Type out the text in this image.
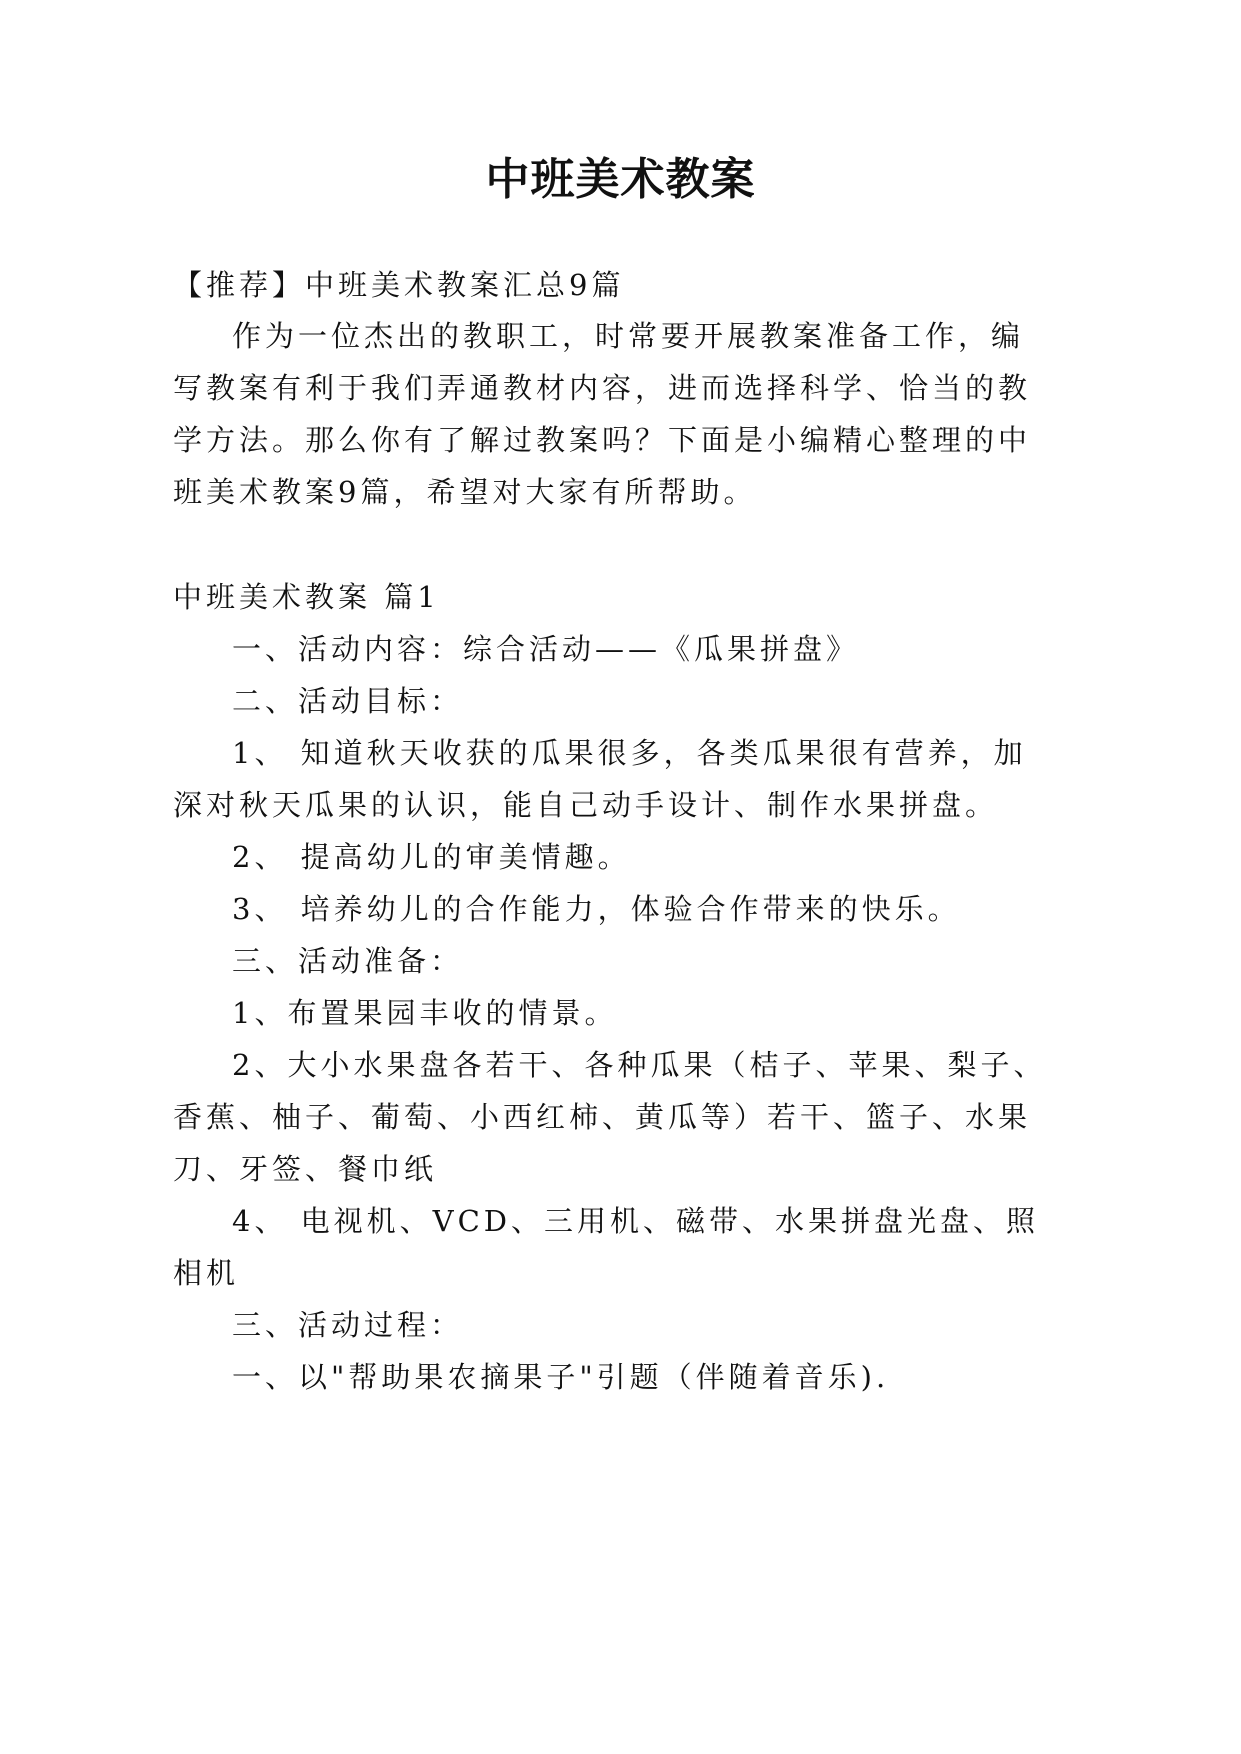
中班美术教案
【推荐】中班美术教案汇总9篇
作为一位杰出的教职工，时常要开展教案准备工作，编
写教案有利于我们弄通教材内容，进而选择科学、恰当的教
学方法。那么你有了解过教案吗？下面是小编精心整理的中
班美术教案9篇，希望对大家有所帮助。
中班美术教案 篇1
一、活动内容：综合活动——《瓜果拼盘》
二、活动目标：
1、 知道秋天收获的瓜果很多，各类瓜果很有营养，加
深对秋天瓜果的认识，能自己动手设计、制作水果拼盘。
2、 提高幼儿的审美情趣。
3、 培养幼儿的合作能力，体验合作带来的快乐。
三、活动准备：
1、布置果园丰收的情景。
2、大小水果盘各若干、各种瓜果（桔子、苹果、梨子、
香蕉、柚子、葡萄、小西红柿、黄瓜等）若干、篮子、水果
刀、牙签、餐巾纸
4、 电视机、VCD、三用机、磁带、水果拼盘光盘、照
相机
三、活动过程：
一、以"帮助果农摘果子"引题（伴随着音乐).
